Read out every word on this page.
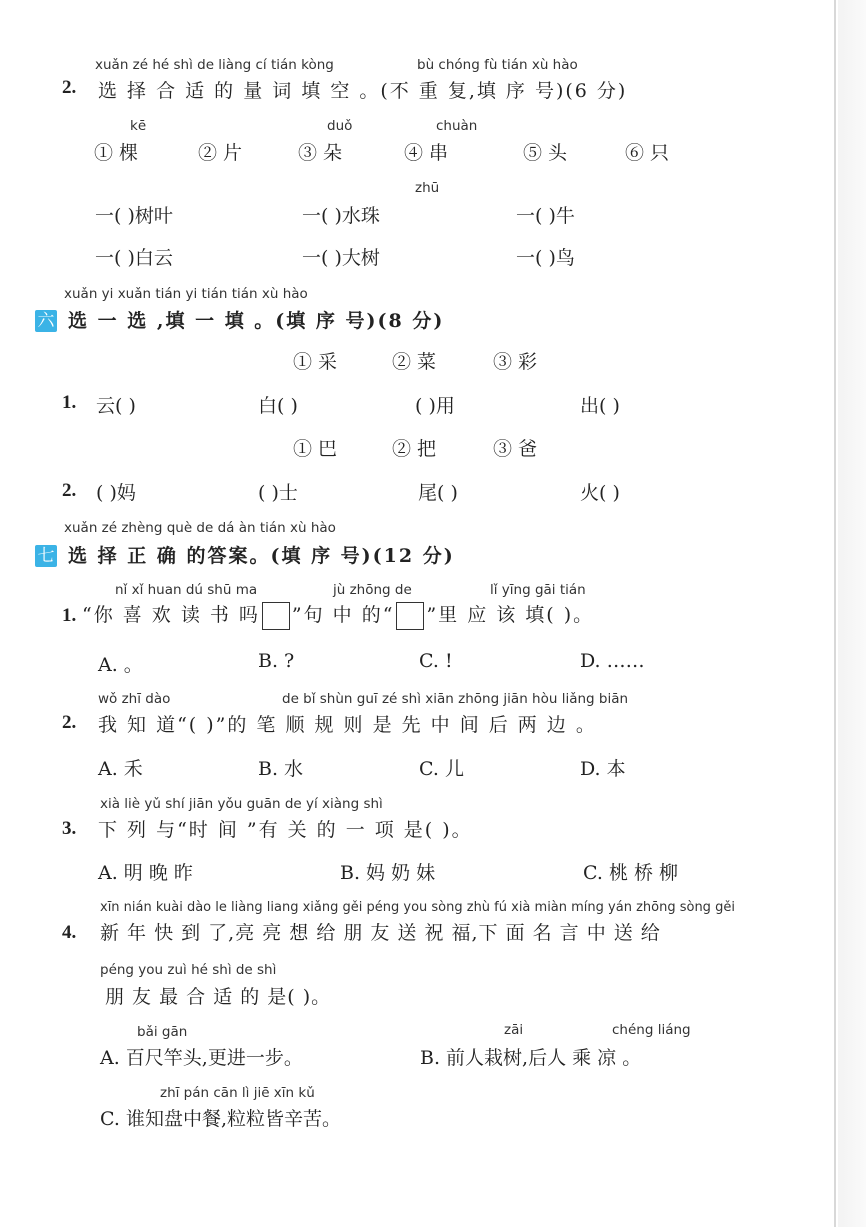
xuǎn zé hé shì de liàng cí tián kòng	bù chóng fù tián xù hào
2. 选 择 合 适 的 量 词 填 空 。(不 重 复,填 序 号)(6 分)
kē	duǒ	chuàn
① 棵	② 片	③ 朵	④ 串	⑤ 头	⑥ 只
zhū
一( )树叶	一( )水珠	一( )牛
一( )白云	一( )大树	一( )鸟
xuǎn yi xuǎn tián yi tián tián xù hào
六 选 一 选 ,填 一 填 。(填 序 号)(8 分)
① 采	② 菜	③ 彩
1. 云( )	白( )	( )用	出( )
① 巴	② 把	③ 爸
2. ( )妈	( )士	尾( )	火( )
xuǎn zé zhèng què de dá àn tián xù hào
七 选 择 正 确 的答案。(填 序 号)(12 分)
nǐ xǐ huan dú shū ma	jù zhōng de	lǐ yīng gāi tián
1. “你 喜 欢 读 书 吗 ”句 中 的“ ”里 应 该 填( )。
A. 。	B. ?	C. !	D. ……
wǒ zhī dào	de bǐ shùn guī zé shì xiān zhōng jiān hòu liǎng biān
2. 我 知 道“( )”的 笔 顺 规 则 是 先 中 间 后 两 边 。
A. 禾	B. 水	C. 儿	D. 本
xià liè yǔ shí jiān yǒu guān de yí xiàng shì
3. 下 列 与“时 间 ”有 关 的 一 项 是( )。
A. 明 晚 昨	B. 妈 奶 妹	C. 桃 桥 柳
xīn nián kuài dào le liàng liang xiǎng gěi péng you sòng zhù fú xià miàn míng yán zhōng sòng gěi
4. 新 年 快 到 了,亮 亮 想 给 朋 友 送 祝 福,下 面 名 言 中 送 给
péng you zuì hé shì de shì
朋 友 最 合 适 的 是( )。
bǎi gān
A. 百尺竿头,更进一步。
zāi	chéng liáng
B. 前人栽树,后人 乘 凉 。
zhī pán cān lì jiē xīn kǔ
C. 谁知盘中餐,粒粒皆辛苦。
